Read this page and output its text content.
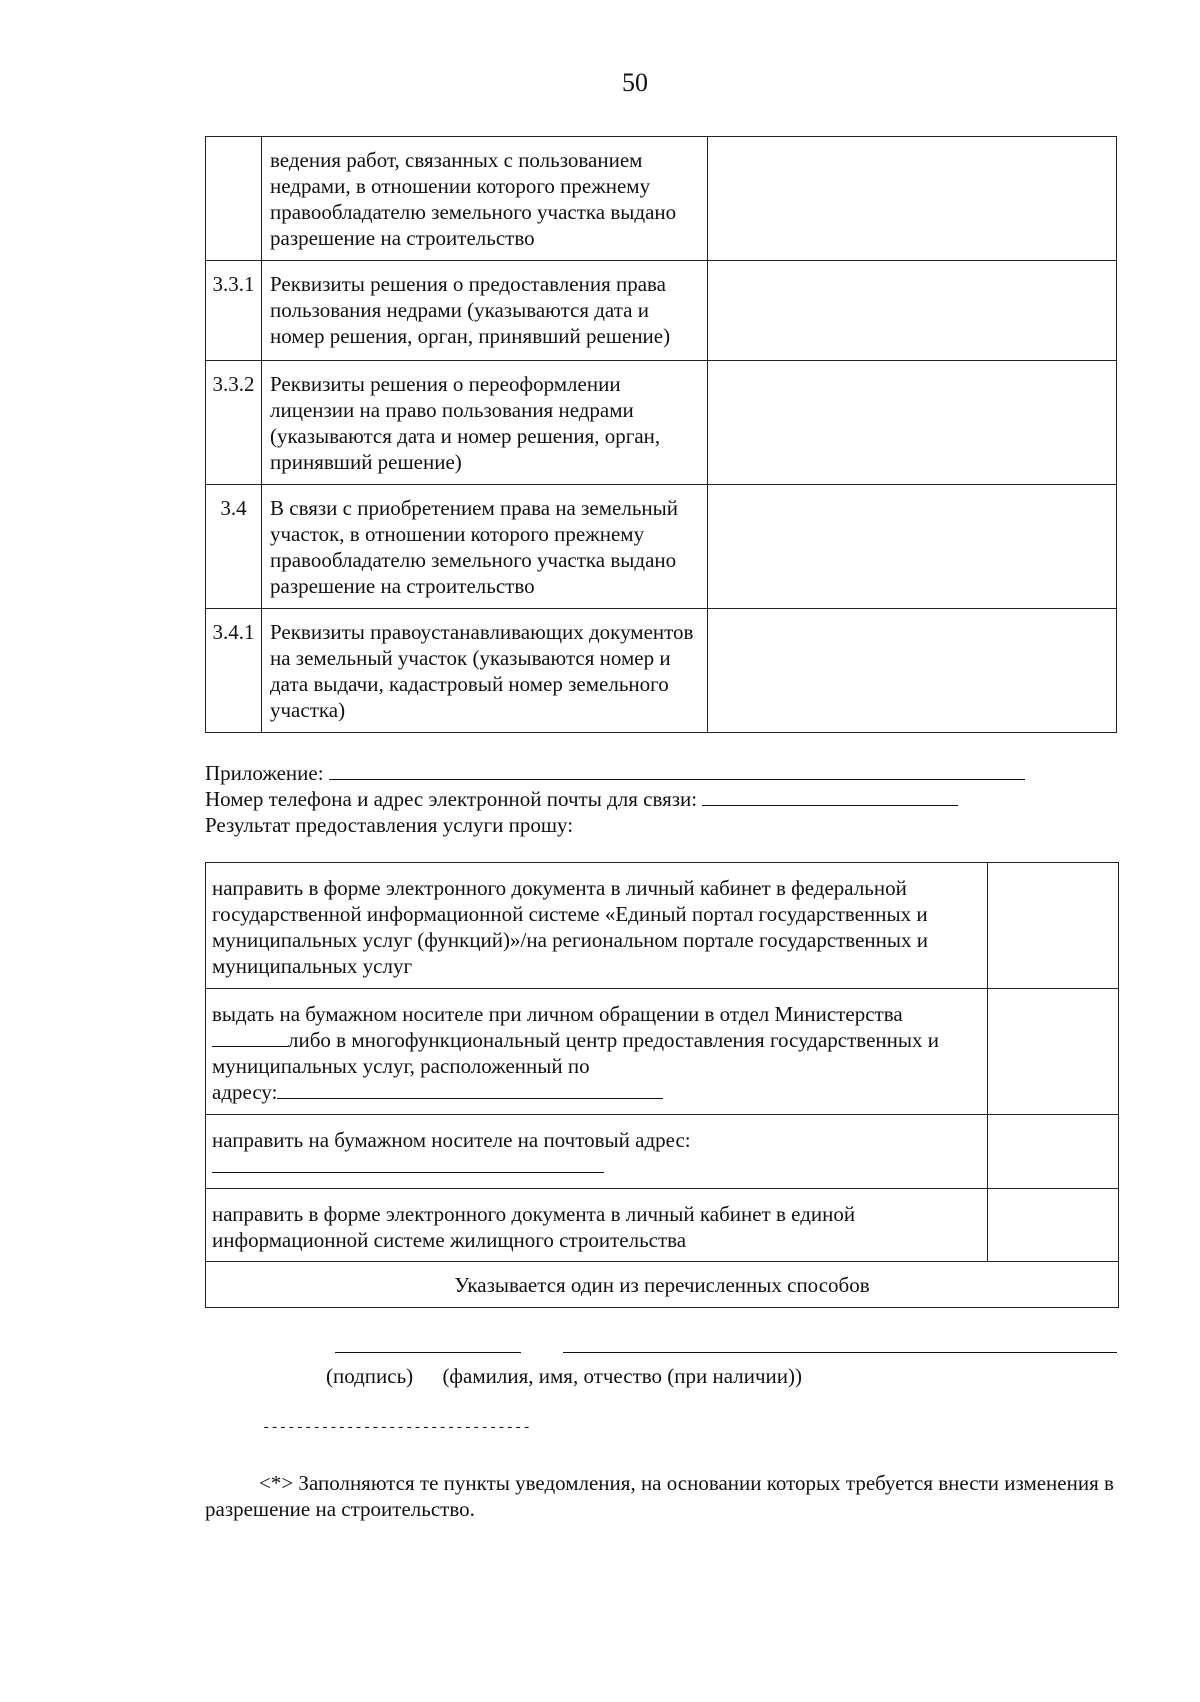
50
	ведения работ, связанных с пользованием недрами, в отношении которого прежнему правообладателю земельного участка выдано разрешение на строительство	
3.3.1	Реквизиты решения о предоставления права пользования недрами (указываются дата и номер решения, орган, принявший решение)	
3.3.2	Реквизиты решения о переоформлении лицензии на право пользования недрами (указываются дата и номер решения, орган, принявший решение)	
3.4	В связи с приобретением права на земельный участок, в отношении которого прежнему правообладателю земельного участка выдано разрешение на строительство	
3.4.1	Реквизиты правоустанавливающих документов на земельный участок (указываются номер и дата выдачи, кадастровый номер земельного участка)	
Приложение:
Номер телефона и адрес электронной почты для связи:
Результат предоставления услуги прошу:
направить в форме электронного документа в личный кабинет в федеральной государственной информационной системе «Единый портал государственных и муниципальных услуг (функций)»/на региональном портале государственных и муниципальных услуг	

выдать на бумажном носителе при личном обращении в отдел Министерства
либо в многофункциональный центр предоставления государственных и муниципальных услуг, расположенный по
адресу:	

направить на бумажном носителе на почтовый адрес:	

направить в форме электронного документа в личный кабинет в единой информационной системе жилищного строительства	
Указывается один из перечисленных способов	
(подпись) (фамилия, имя, отчество (при наличии))
--------------------------------
<*> Заполняются те пункты уведомления, на основании которых требуется внести изменения в разрешение на строительство.
